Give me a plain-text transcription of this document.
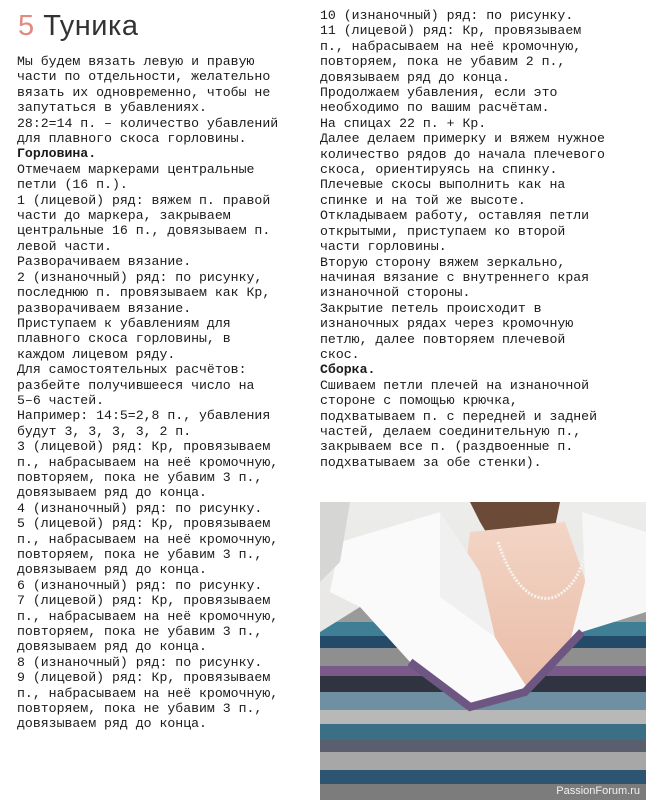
5 Туника
Мы будем вязать левую и правую
части по отдельности, желательно
вязать их одновременно, чтобы не
запутаться в убавлениях.
28:2=14 п. – количество убавлений
для плавного скоса горловины.
Горловина.
Отмечаем маркерами центральные
петли (16 п.).
1 (лицевой) ряд: вяжем п. правой
части до маркера, закрываем
центральные 16 п., довязываем п.
левой части.
Разворачиваем вязание.
2 (изнаночный) ряд: по рисунку,
последнюю п. провязываем как Кр,
разворачиваем вязание.
Приступаем к убавлениям для
плавного скоса горловины, в
каждом лицевом ряду.
Для самостоятельных расчётов:
разбейте получившееся число на
5–6 частей.
Например: 14:5=2,8 п., убавления
будут 3, 3, 3, 3, 2 п.
3 (лицевой) ряд: Кр, провязываем
п., набрасываем на неё кромочную,
повторяем, пока не убавим 3 п.,
довязываем ряд до конца.
4 (изнаночный) ряд: по рисунку.
5 (лицевой) ряд: Кр, провязываем
п., набрасываем на неё кромочную,
повторяем, пока не убавим 3 п.,
довязываем ряд до конца.
6 (изнаночный) ряд: по рисунку.
7 (лицевой) ряд: Кр, провязываем
п., набрасываем на неё кромочную,
повторяем, пока не убавим 3 п.,
довязываем ряд до конца.
8 (изнаночный) ряд: по рисунку.
9 (лицевой) ряд: Кр, провязываем
п., набрасываем на неё кромочную,
повторяем, пока не убавим 3 п.,
довязываем ряд до конца.
10 (изнаночный) ряд: по рисунку.
11 (лицевой) ряд: Кр, провязываем
п., набрасываем на неё кромочную,
повторяем, пока не убавим 2 п.,
довязываем ряд до конца.
Продолжаем убавления, если это
необходимо по вашим расчётам.
На спицах 22 п. + Кр.
Далее делаем примерку и вяжем нужное
количество рядов до начала плечевого
скоса, ориентируясь на спинку.
Плечевые скосы выполнить как на
спинке и на той же высоте.
Откладываем работу, оставляя петли
открытыми, приступаем ко второй
части горловины.
Вторую сторону вяжем зеркально,
начиная вязание с внутреннего края
изнаночной стороны.
Закрытие петель происходит в
изнаночных рядах через кромочную
петлю, далее повторяем плечевой
скос.
Сборка.
Сшиваем петли плечей на изнаночной
стороне с помощью крючка,
подхватываем п. с передней и задней
частей, делаем соединительную п.,
закрываем все п. (раздвоенные п.
подхватываем за обе стенки).
PassionForum.ru
